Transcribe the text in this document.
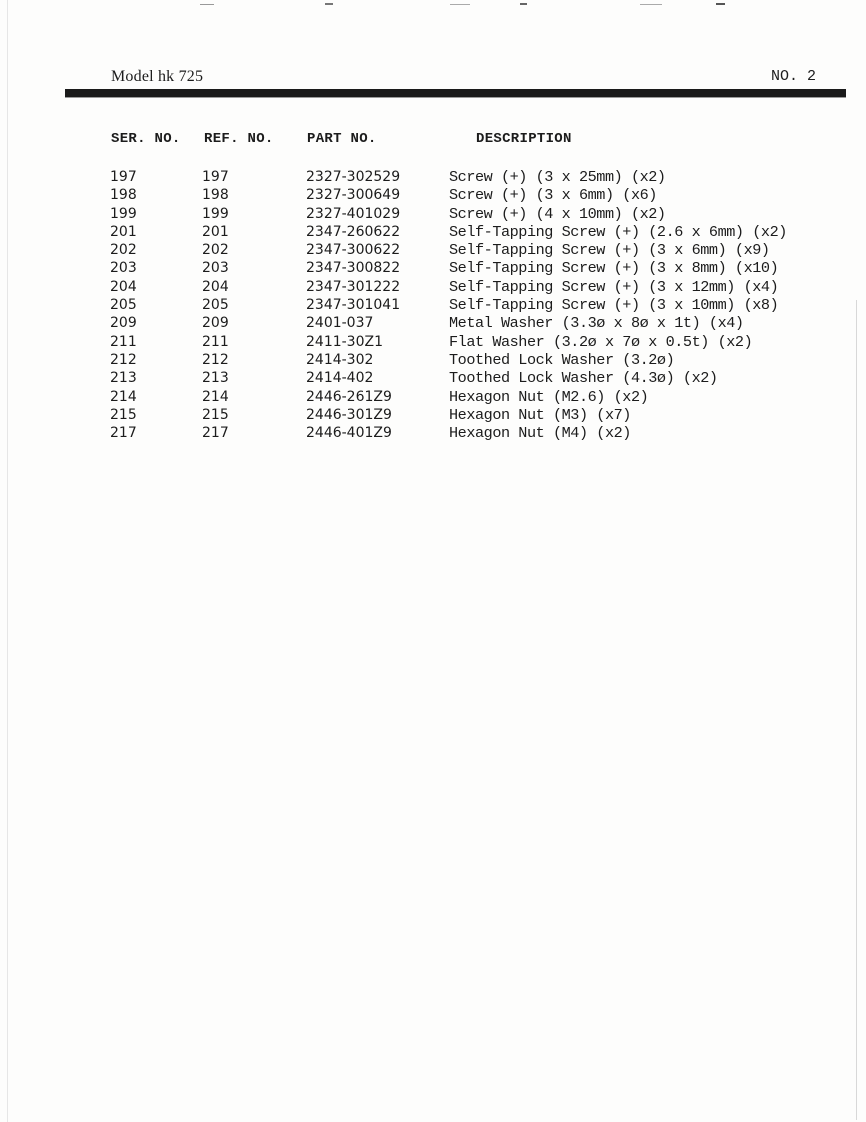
Model hk 725	NO. 2
SER. NO. REF. NO. PART NO.	DESCRIPTION
197	197	2327-302529	Screw (+) (3 x 25mm) (x2)
198	198	2327-300649	Screw (+) (3 x 6mm) (x6)
199	199	2327-401029	Screw (+) (4 x 10mm) (x2)
201	201	2347-260622	Self-Tapping Screw (+) (2.6 x 6mm) (x2)
202	202	2347-300622	Self-Tapping Screw (+) (3 x 6mm) (x9)
203	203	2347-300822	Self-Tapping Screw (+) (3 x 8mm) (x10)
204	204	2347-301222	Self-Tapping Screw (+) (3 x 12mm) (x4)
205	205	2347-301041	Self-Tapping Screw (+) (3 x 10mm) (x8)
209	209	2401-037	Metal Washer (3.3ø x 8ø x 1t) (x4)
211	211	2411-30Z1	Flat Washer (3.2ø x 7ø x 0.5t) (x2)
212	212	2414-302	Toothed Lock Washer (3.2ø)
213	213	2414-402	Toothed Lock Washer (4.3ø) (x2)
214	214	2446-261Z9	Hexagon Nut (M2.6) (x2)
215	215	2446-301Z9	Hexagon Nut (M3) (x7)
217	217	2446-401Z9	Hexagon Nut (M4) (x2)
